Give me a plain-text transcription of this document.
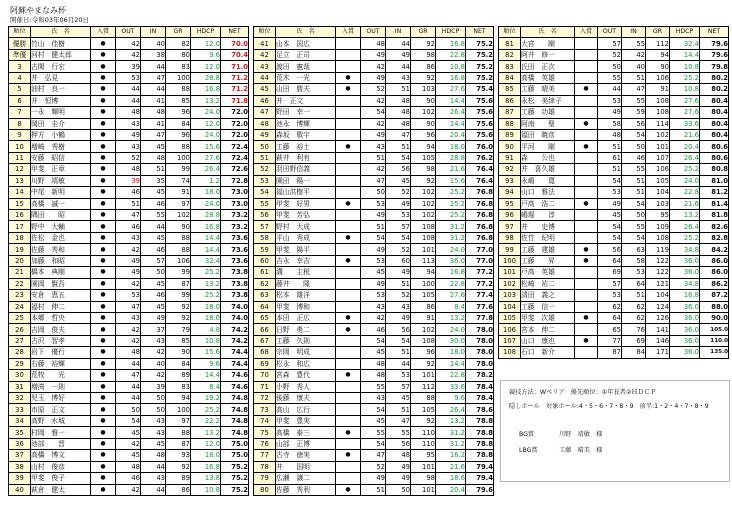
阿蘇やまなみ杯
開催日:令和03年06月20日
順位	氏　名	入賞	OUT	IN	GR	HDCP	NET
優勝	竹山　佳樹	●	42	40	82	12.0	70.0
準優	河村　健太郎	●	42	38	80	9.6	70.4
3	古閑　行宏	●	39	44	83	12.0	71.0
4	井　弘見	●	53	47	100	28.8	71.2
5	油村　良一	●	44	44	88	16.8	71.2
6	井　恒博	●	44	41	85	13.2	71.8
7	一永　輝明	●	48	48	96	24.0	72.0
8	岡田　圭介	●	43	41	84	12.0	72.0
9	押方　小鶴	●	49	47	96	24.0	72.0
10	増崎　秀樹	●	43	45	88	15.6	72.4
11	安藤　昭信	●	52	48	100	27.6	72.4
12	甲斐　正章	●	48	51	99	26.4	72.6
13	川野　靖敏	●	39	35	74	1.2	72.8
14	中尾　新明	●	46	45	91	18.0	73.0
15	高橋　誠一	●	51	46	97	24.0	73.0
16	隅田　　昭	●	47	55	102	28.8	73.2
17	野中　大輔	●	46	44	90	16.8	73.2
18	佐松　金也	●	43	45	88	14.4	73.6
19	佐藤　秀和	●	42	46	88	14.4	73.6
20	加藤　和昭	●	49	57	106	32.4	73.6
21	橋本　典剛	●	49	50	99	25.2	73.8
22	園岡　賢吾	●	42	45	87	13.2	73.8
23	安倉　恵五	●	53	46	99	25.2	73.8
24	福村　伸二	●	47	45	92	18.0	74.0
25	本郷　哲央	●	43	49	92	18.0	74.0
26	吉岡　俊夫	●	42	37	79	4.8	74.2
27	古沢　智孝	●	42	43	85	10.8	74.2
28	岩下　優行	●	48	42	90	15.6	74.4
29	右藤　裕輝	●	44	40	84	9.6	74.4
30	荒牧　　光	●	47	42	89	14.4	74.6
31	増渕　一則	●	44	39	83	8.4	74.6
32	児玉　博好	●	44	50	94	19.2	74.8
33	市原　正文	●	50	50	100	25.2	74.8
34	高野　水城	●	54	43	97	22.2	74.8
35	村岡　雅一	●	45	43	88	13.2	74.8
36	池部　　晋	●	42	45	87	12.0	75.0
37	高橋　博文	●	45	48	93	18.0	75.0
38	山村　俊彦	●	48	44	92	16.8	75.2
39	甲斐　俊子	●	46	43	89	13.8	75.2
40	萩倉　健太	●	42	44	86	10.8	75.2
順位	氏　名	入賞	OUT	IN	GR	HDCP	NET
41	山本　国広		48	44	92	16.8	75.2
42	足立　正司		49	49	98	22.8	75.2
43	渡田　憲哉		42	44	86	10.8	75.2
44	荒木　一光	●	49	43	92	16.8	75.2
45	山田　勝夫	●	52	51	103	27.6	75.4
46	井　正文		42	48	90	14.4	75.6
47	野田　幸一		54	48	102	26.4	75.6
48	池永　博輝		42	48	90	14.4	75.6
49	森坂　敬宇		49	47	96	20.4	75.6
50	工藤　裕士	●	43	51	94	18.0	76.0
51	萩井　利有		51	54	105	28.8	76.2
52	羽田野信義		42	56	98	21.6	76.4
53	園田　陽一		47	45	92	15.6	76.4
54	福山洪樹平		50	52	102	25.2	76.8
55	甲斐　好男	●	53	49	102	25.2	76.8
56	甲斐　芳弘		49	53	102	25.2	76.8
57	野村　大成		51	57	108	31.2	76.8
58	平山　秀成	●	54	54	108	31.2	76.8
59	甲斐　陽平		49	52	101	24.0	77.0
60	吉永　幸吉	●	53	60	113	36.0	77.0
61	溝　　主税		45	49	94	16.8	77.2
62	藤井　　隆		49	51	100	22.8	77.2
63	松本　雄洋		53	52	105	27.6	77.4
64	甲斐　博和		43	43	86	8.4	77.6
65	本田　正広	●	42	49	91	13.2	77.8
66	日野　勇二	●	46	56	102	24.0	78.0
67	工藤　久則		54	54	108	30.0	78.0
68	宗岡　明成		45	51	96	18.0	78.0
69	松永　和広		48	44	92	14.4	78.0
70	宮森　豊代	●	48	53	101	22.8	78.2
71	小野　秀人		55	57	112	33.6	78.4
72	後藤　康夫		43	45	88	9.6	78.4
73	高山　広行		54	51	105	26.4	78.6
74	甲斐　豊実		45	47	92	13.2	78.8
75	高橋　泰三	●	55	55	110	31.2	78.8
76	山部　正博		54	56	110	31.2	78.8
77	古寺　徳実	●	47	48	95	16.2	78.8
78	井　　国明		52	49	101	21.6	79.4
79	広瀬　譲二		49	49	98	18.6	79.4
80	佐藤　秀利	●	51	50	101	20.4	79.6
順位	氏　名	入賞	OUT	IN	GR	HDCP	NET
81	大宮　　剛		57	55	112	32.4	79.6
82	阿井　修一		52	42	94	14.4	79.6
83	氏田　正次		50	40	90	10.8	79.8
84	高橋　英雄		55	51	106	25.2	80.2
85	工藤　晴美	●	44	47	91	10.8	80.2
86	永松　美津子		53	55	108	27.6	80.4
87	工藤　功雄		49	59	108	27.6	80.4
88	阿南　　聖	●	58	56	114	33.6	80.4
89	福田　暁彦		48	54	102	21.6	80.4
90	平河　　剛	●	51	50	101	20.4	80.6
91	森　　公也		61	46	107	26.4	80.6
92	井　喜久雄		51	55	106	25.2	80.8
93	永嶋　　寛		54	51	105	24.0	81.0
94	山口　雅法		53	51	104	22.8	81.2
95	戸高　浩二	●	49	54	103	21.6	81.4
96	嶋堀　　淳		45	50	95	13.2	81.8
97	井　　史博		54	55	109	26.4	82.6
98	佐竹　紀明		54	54	108	25.2	82.8
99	工藤　建雄	●	56	63	119	34.8	84.2
100	工藤　　昇	●	64	58	122	36.0	86.0
101	戸高　英雄		69	53	122	36.0	86.0
102	松崎　祐二		57	64	121	34.8	86.2
103	清田　義之		53	51	104	16.8	87.2
104	工藤　信一		62	62	124	36.0	88.0
105	甲斐　次雄	●	64	62	126	36.0	90.0
106	宮本　伸二		65	76	141	36.0	105.0
107	山口　康也	●	77	69	146	36.0	110.0
108	石口　新介		87	84	171	36.0	135.0
競技方法：Wペリア　優先順位：①年長者②ＨＤＣＰ
隠しホール　対象ホール:4・5・6・7・8・9　前半:1・2・4・7・8・9
BG賞	川野　靖敏　様
LBG賞	工藤　晴美　様
